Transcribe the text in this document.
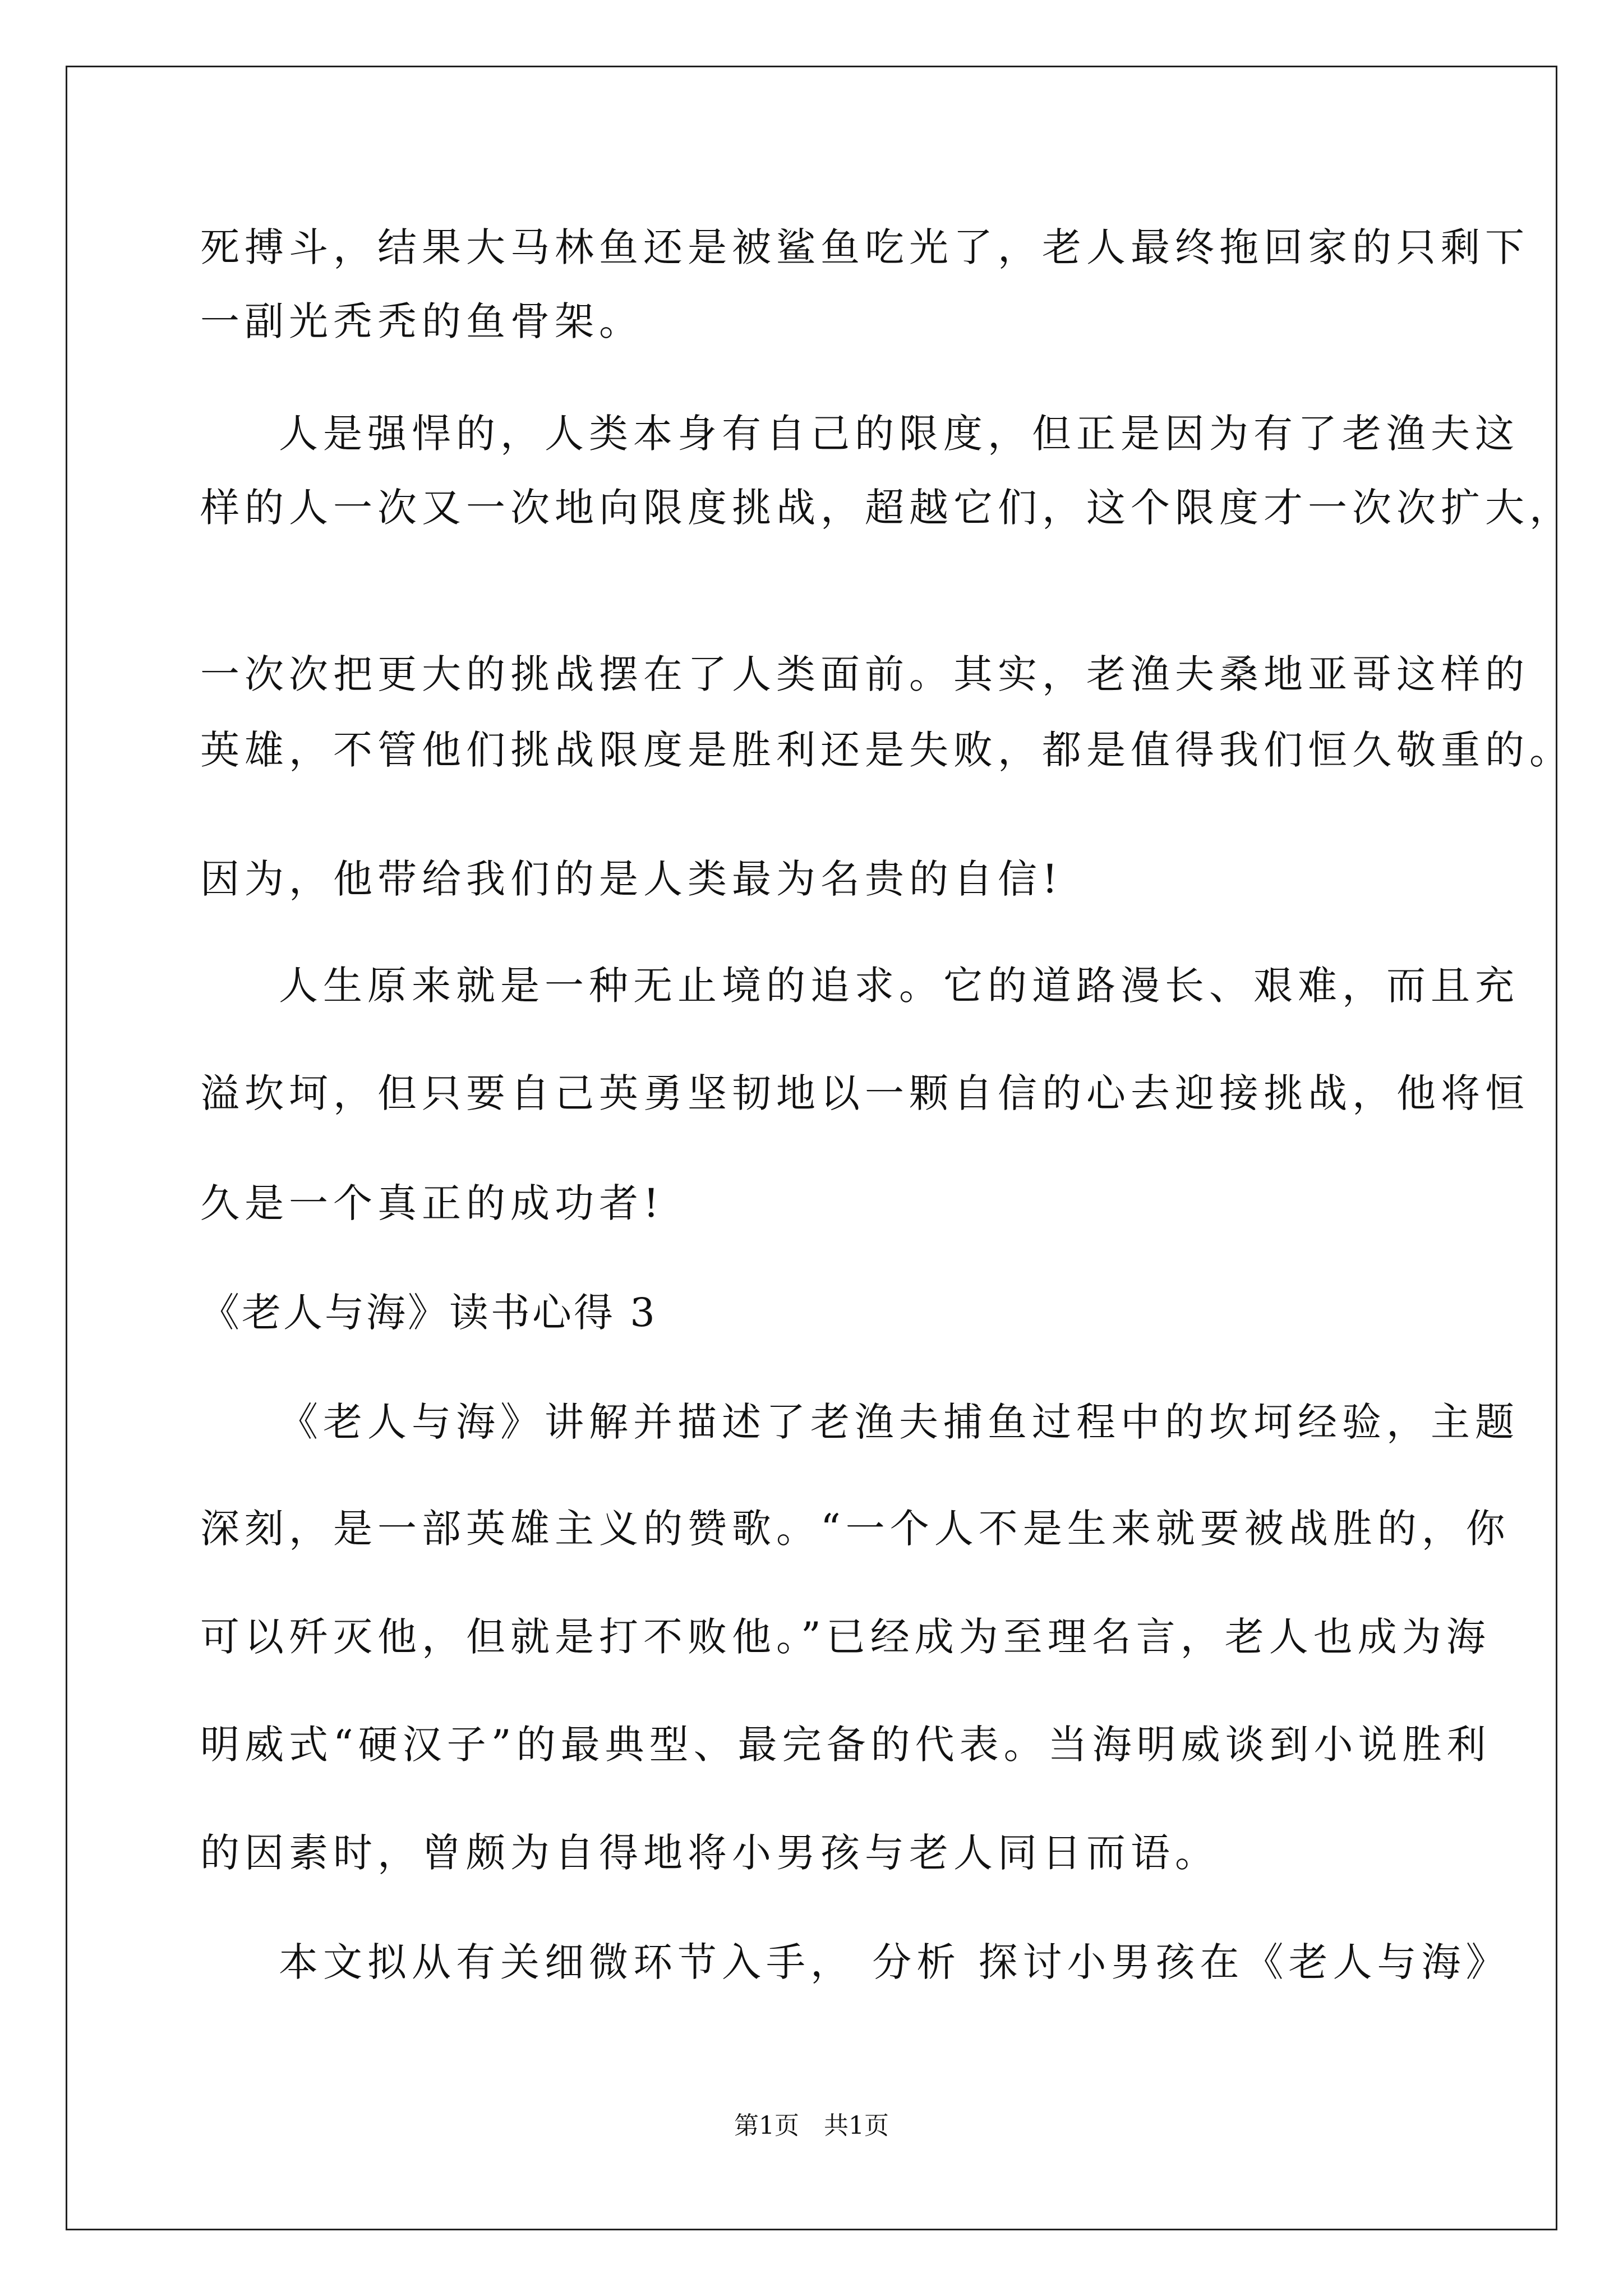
死搏斗，结果大马林鱼还是被鲨鱼吃光了，老人最终拖回家的只剩下
一副光秃秃的鱼骨架。
人是强悍的，人类本身有自己的限度，但正是因为有了老渔夫这
样的人一次又一次地向限度挑战，超越它们，这个限度才一次次扩大，
一次次把更大的挑战摆在了人类面前。其实，老渔夫桑地亚哥这样的
英雄，不管他们挑战限度是胜利还是失败，都是值得我们恒久敬重的。
因为，他带给我们的是人类最为名贵的自信!
人生原来就是一种无止境的追求。它的道路漫长、艰难，而且充
溢坎坷，但只要自己英勇坚韧地以一颗自信的心去迎接挑战，他将恒
久是一个真正的成功者!
《老人与海》读书心得 3
《老人与海》讲解并描述了老渔夫捕鱼过程中的坎坷经验，主题
深刻，是一部英雄主义的赞歌。“一个人不是生来就要被战胜的，你
可以歼灭他，但就是打不败他。”已经成为至理名言，老人也成为海
明威式“硬汉子”的最典型、最完备的代表。当海明威谈到小说胜利
的因素时，曾颇为自得地将小男孩与老人同日而语。
本文拟从有关细微环节入手， 分析 探讨小男孩在《老人与海》
第1页　共1页
